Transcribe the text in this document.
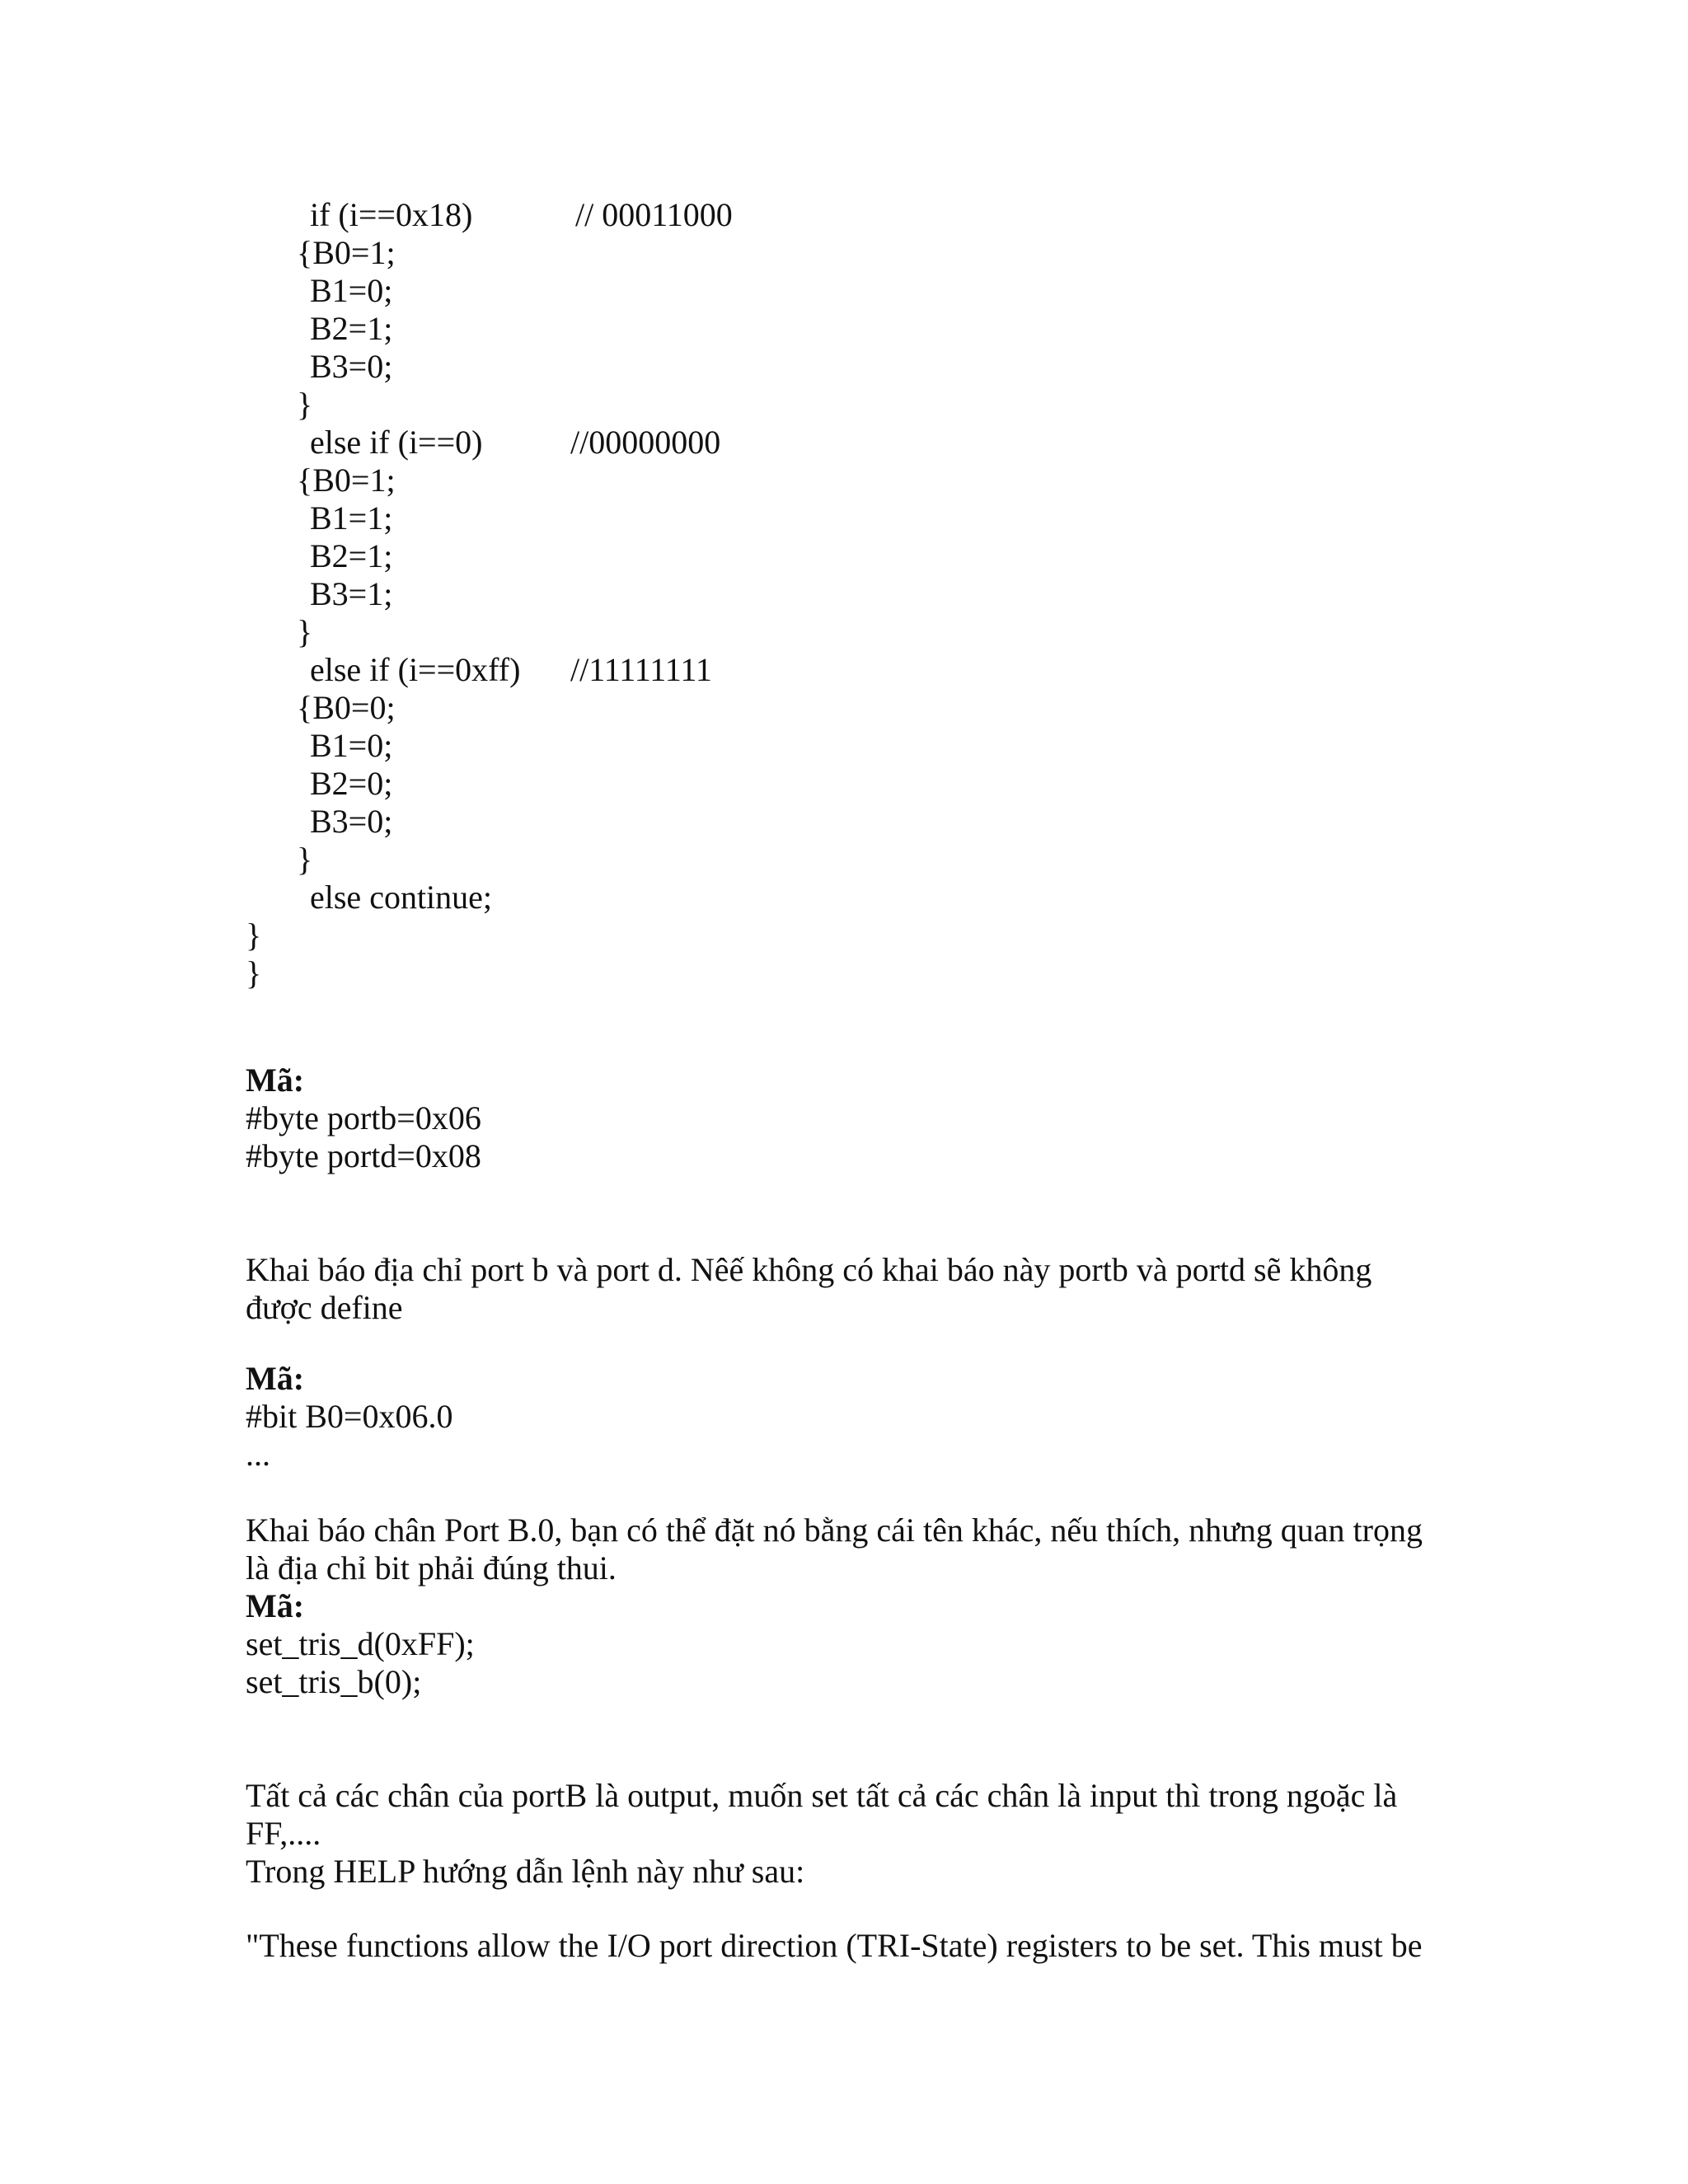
if (i==0x18)	// 00011000
{B0=1;
B1=0;
B2=1;
B3=0;
}
else if (i==0)	//00000000
{B0=1;
B1=1;
B2=1;
B3=1;
}
else if (i==0xff) //11111111
{B0=0;
B1=0;
B2=0;
B3=0;
}
else continue;
}
}
Mã:
#byte portb=0x06
#byte portd=0x08
Khai báo địa chỉ port b và port d. Nêế không có khai báo này portb và portd sẽ không
được define
Mã:
#bit B0=0x06.0
...
Khai báo chân Port B.0, bạn có thể đặt nó bằng cái tên khác, nếu thích, nhưng quan trọng
là địa chỉ bit phải đúng thui.
Mã:
set_tris_d(0xFF);
set_tris_b(0);
Tất cả các chân của portB là output, muốn set tất cả các chân là input thì trong ngoặc là
FF,....
Trong HELP hướng dẫn lệnh này như sau:
"These functions allow the I/O port direction (TRI-State) registers to be set. This must be
